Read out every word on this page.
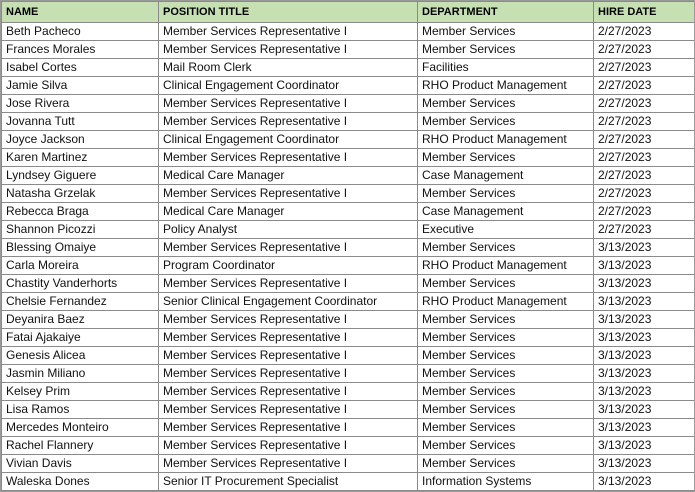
NAME	POSITION TITLE	DEPARTMENT	HIRE DATE
Beth Pacheco	Member Services Representative I	Member Services	2/27/2023
Frances Morales	Member Services Representative I	Member Services	2/27/2023
Isabel Cortes	Mail Room Clerk	Facilities	2/27/2023
Jamie Silva	Clinical Engagement Coordinator	RHO Product Management	2/27/2023
Jose Rivera	Member Services Representative I	Member Services	2/27/2023
Jovanna Tutt	Member Services Representative I	Member Services	2/27/2023
Joyce Jackson	Clinical Engagement Coordinator	RHO Product Management	2/27/2023
Karen Martinez	Member Services Representative I	Member Services	2/27/2023
Lyndsey Giguere	Medical Care Manager	Case Management	2/27/2023
Natasha Grzelak	Member Services Representative I	Member Services	2/27/2023
Rebecca Braga	Medical Care Manager	Case Management	2/27/2023
Shannon Picozzi	Policy Analyst	Executive	2/27/2023
Blessing Omaiye	Member Services Representative I	Member Services	3/13/2023
Carla Moreira	Program Coordinator	RHO Product Management	3/13/2023
Chastity Vanderhorts	Member Services Representative I	Member Services	3/13/2023
Chelsie Fernandez	Senior Clinical Engagement Coordinator	RHO Product Management	3/13/2023
Deyanira Baez	Member Services Representative I	Member Services	3/13/2023
Fatai Ajakaiye	Member Services Representative I	Member Services	3/13/2023
Genesis Alicea	Member Services Representative I	Member Services	3/13/2023
Jasmin Miliano	Member Services Representative I	Member Services	3/13/2023
Kelsey Prim	Member Services Representative I	Member Services	3/13/2023
Lisa Ramos	Member Services Representative I	Member Services	3/13/2023
Mercedes Monteiro	Member Services Representative I	Member Services	3/13/2023
Rachel Flannery	Member Services Representative I	Member Services	3/13/2023
Vivian Davis	Member Services Representative I	Member Services	3/13/2023
Waleska Dones	Senior IT Procurement Specialist	Information Systems	3/13/2023
